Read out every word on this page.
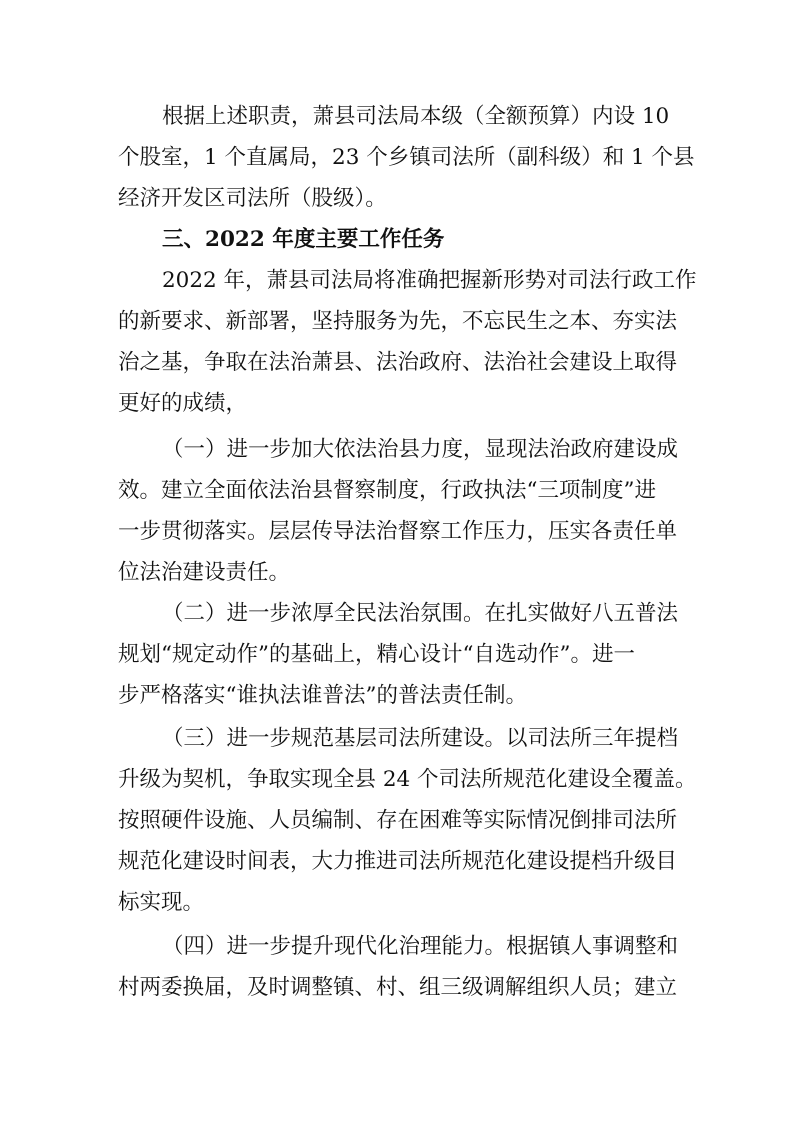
根据上述职责，萧县司法局本级（全额预算）内设 10
个股室，1 个直属局，23 个乡镇司法所（副科级）和 1 个县
经济开发区司法所（股级）。
三、2022 年度主要工作任务
2022 年，萧县司法局将准确把握新形势对司法行政工作
的新要求、新部署，坚持服务为先，不忘民生之本、夯实法
治之基，争取在法治萧县、法治政府、法治社会建设上取得
更好的成绩，
（一）进一步加大依法治县力度，显现法治政府建设成
效。建立全面依法治县督察制度，行政执法“三项制度”进
一步贯彻落实。层层传导法治督察工作压力，压实各责任单
位法治建设责任。
（二）进一步浓厚全民法治氛围。在扎实做好八五普法
规划“规定动作”的基础上，精心设计“自选动作”。进一
步严格落实“谁执法谁普法”的普法责任制。
（三）进一步规范基层司法所建设。以司法所三年提档
升级为契机，争取实现全县 24 个司法所规范化建设全覆盖。
按照硬件设施、人员编制、存在困难等实际情况倒排司法所
规范化建设时间表，大力推进司法所规范化建设提档升级目
标实现。
（四）进一步提升现代化治理能力。根据镇人事调整和
村两委换届，及时调整镇、村、组三级调解组织人员；建立
